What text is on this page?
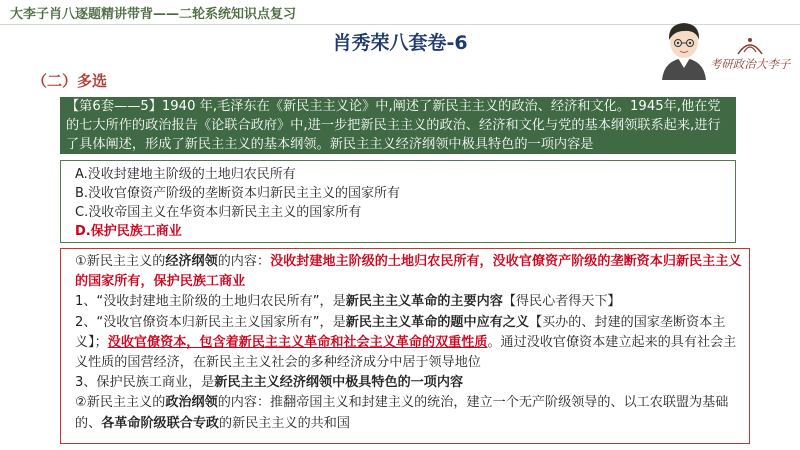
大李子肖八逐题精讲带背——二轮系统知识点复习
肖秀荣八套卷-6
考研政治大李子
（二）多选
【第6套——5】1940 年,毛泽东在《新民主主义论》中,阐述了新民主主义的政治、经济和文化。1945年,他在党的七大所作的政治报告《论联合政府》中,进一步把新民主主义的政治、经济和文化与党的基本纲领联系起来,进行了具体阐述，形成了新民主主义的基本纲领。新民主主义经济纲领中极具特色的一项内容是
A.没收封建地主阶级的土地归农民所有
B.没收官僚资产阶级的垄断资本归新民主主义的国家所有
C.没收帝国主义在华资本归新民主主义的国家所有
D.保护民族工商业

①新民主主义的经济纲领的内容：没收封建地主阶级的土地归农民所有，没收官僚资产阶级的垄断资本归新民主主义的国家所有，保护民族工商业

1、“没收封建地主阶级的土地归农民所有”，是新民主主义革命的主要内容【得民心者得天下】

2、“没收官僚资本归新民主主义国家所有”，是新民主主义革命的题中应有之义【买办的、封建的国家垄断资本主义】；没收官僚资本，包含着新民主主义革命和社会主义革命的双重性质。通过没收官僚资本建立起来的具有社会主义性质的国营经济，在新民主主义社会的多种经济成分中居于领导地位

3、保护民族工商业，是新民主主义经济纲领中极具特色的一项内容

②新民主主义的政治纲领的内容：推翻帝国主义和封建主义的统治，建立一个无产阶级领导的、以工农联盟为基础的、各革命阶级联合专政的新民主主义的共和国
